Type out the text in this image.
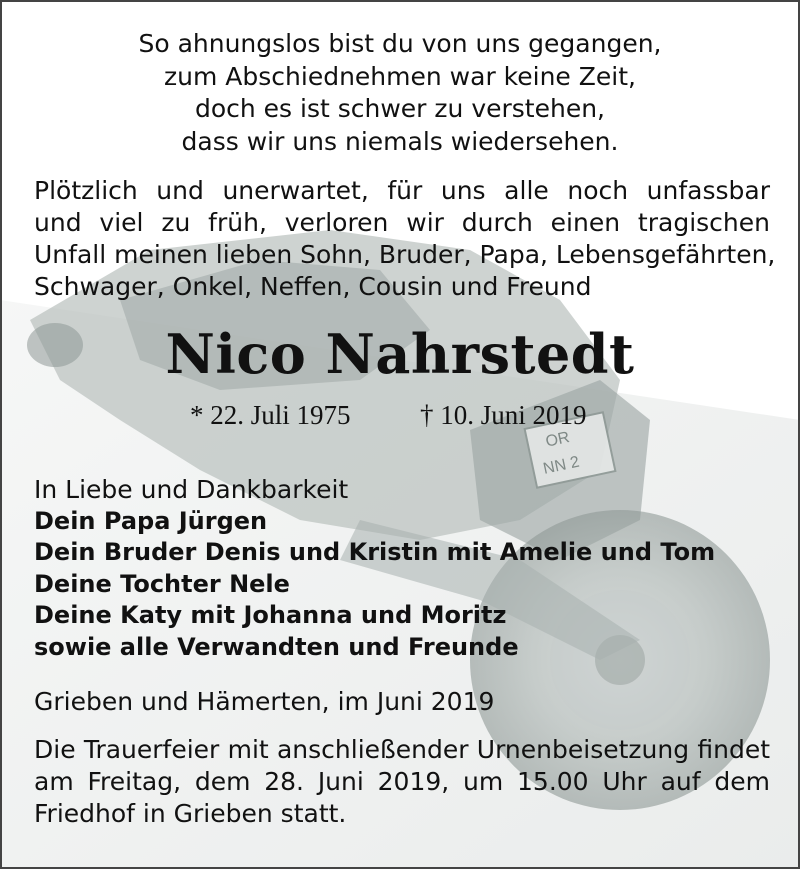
OR
NN 2
So ahnungslos bist du von uns gegangen,
zum Abschiednehmen war keine Zeit,
doch es ist schwer zu verstehen,
dass wir uns niemals wiedersehen.
Plötzlich und unerwartet, für uns alle noch unfassbar
und viel zu früh, verloren wir durch einen tragischen
Unfall meinen lieben Sohn, Bruder, Papa, Lebensgefährten,
Schwager, Onkel, Neffen, Cousin und Freund
Nico Nahrstedt
* 22. Juli 1975	† 10. Juni 2019
In Liebe und Dankbarkeit
Dein Papa Jürgen
Dein Bruder Denis und Kristin mit Amelie und Tom
Deine Tochter Nele
Deine Katy mit Johanna und Moritz
sowie alle Verwandten und Freunde
Grieben und Hämerten, im Juni 2019
Die Trauerfeier mit anschließender Urnenbeisetzung findet
am Freitag, dem 28. Juni 2019, um 15.00 Uhr auf dem
Friedhof in Grieben statt.
